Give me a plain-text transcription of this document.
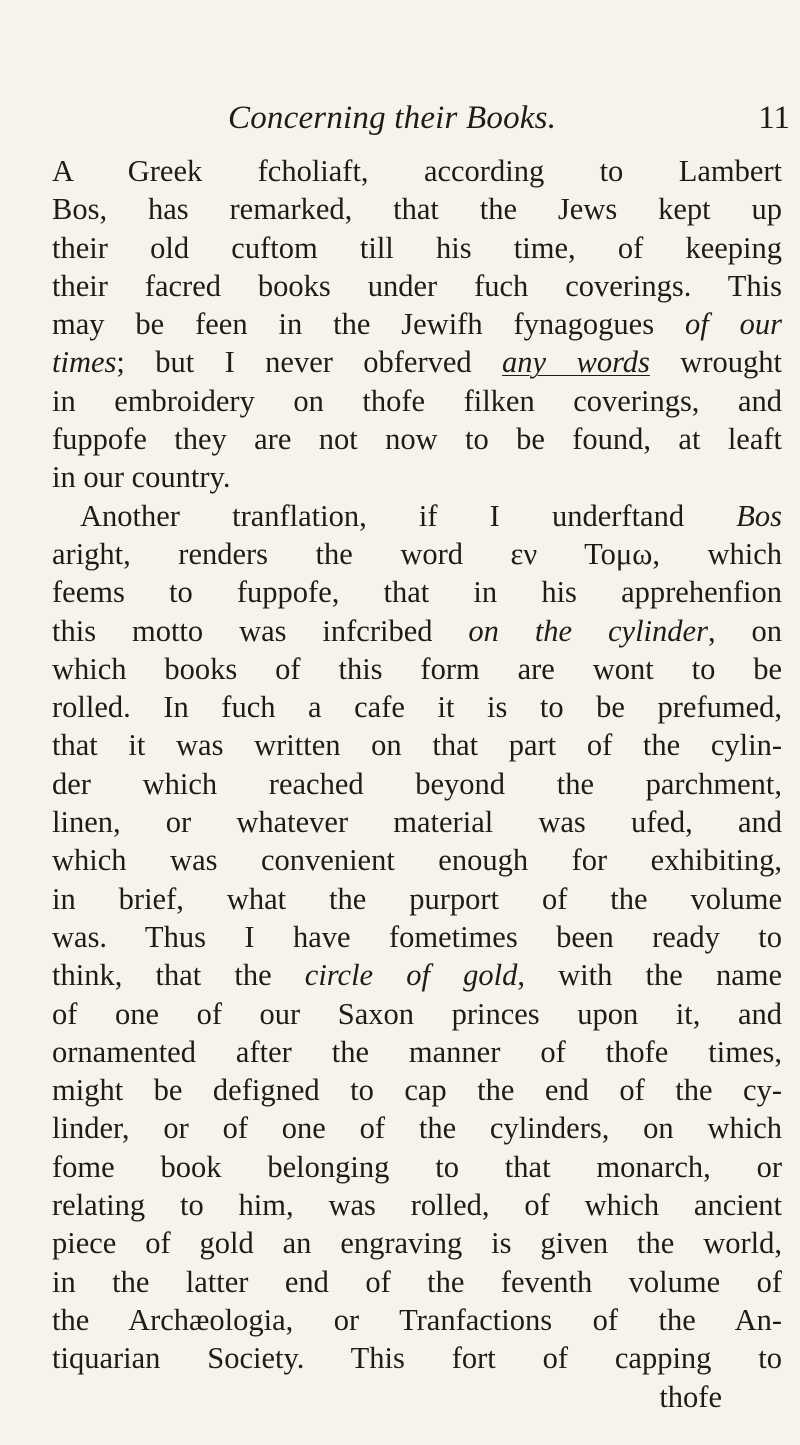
Concerning their Books.	11
A Greek fcholiaft, according to Lambert
Bos, has remarked, that the Jews kept up
their old cuftom till his time, of keeping
their facred books under fuch coverings. This
may be feen in the Jewifh fynagogues of our
times; but I never obferved any words wrought
in embroidery on thofe filken coverings, and
fuppofe they are not now to be found, at leaft
in our country.
Another tranflation, if I underftand Bos
aright, renders the word εν Τομω, which
feems to fuppofe, that in his apprehenfion
this motto was infcribed on the cylinder, on
which books of this form are wont to be
rolled. In fuch a cafe it is to be prefumed,
that it was written on that part of the cylin-
der which reached beyond the parchment,
linen, or whatever material was ufed, and
which was convenient enough for exhibiting,
in brief, what the purport of the volume
was. Thus I have fometimes been ready to
think, that the circle of gold, with the name
of one of our Saxon princes upon it, and
ornamented after the manner of thofe times,
might be defigned to cap the end of the cy-
linder, or of one of the cylinders, on which
fome book belonging to that monarch, or
relating to him, was rolled, of which ancient
piece of gold an engraving is given the world,
in the latter end of the feventh volume of
the Archæologia, or Tranfactions of the An-
tiquarian Society. This fort of capping to
thofe
